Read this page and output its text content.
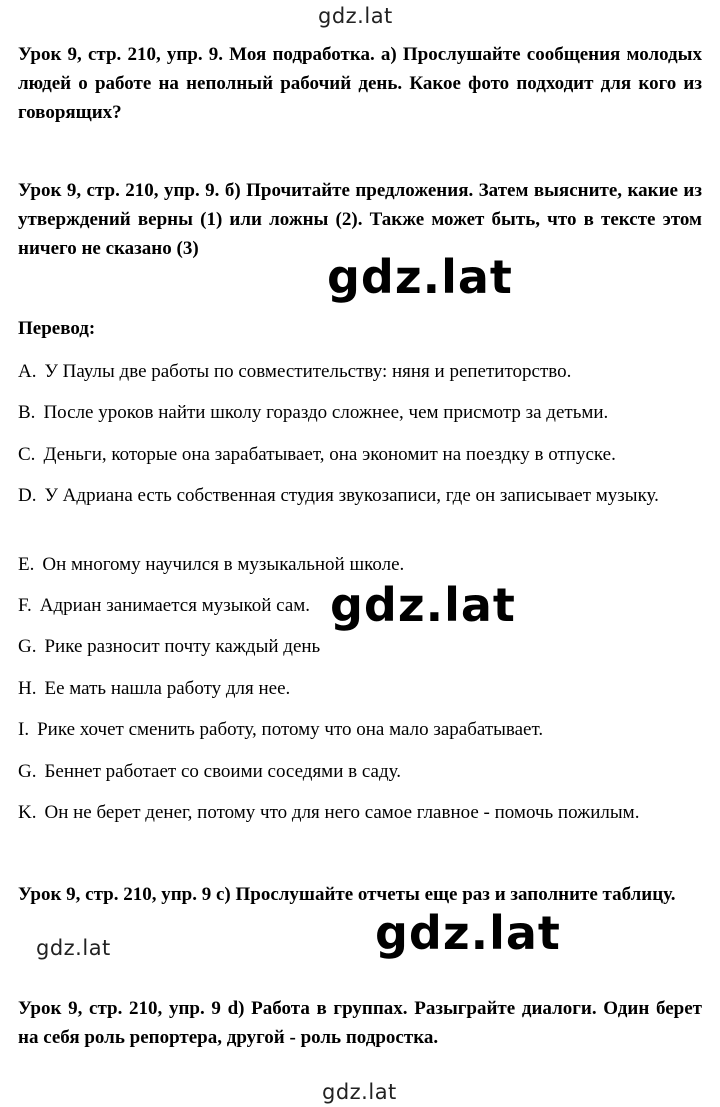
gdz.lat

Урок 9, стр. 210, упр. 9. Моя подработка. а) Прослушайте сообщения молодых людей о работе на неполный рабочий день. Какое фото подходит для кого из говорящих?

Урок 9, стр. 210, упр. 9. б) Прочитайте предложения. Затем выясните, какие из утверждений верны (1) или ложны (2). Также может быть, что в тексте этом ничего не сказано (3)

gdz.lat

Перевод:

A. У Паулы две работы по совместительству: няня и репетиторство.
B. После уроков найти школу гораздо сложнее, чем присмотр за детьми.
C. Деньги, которые она зарабатывает, она экономит на поездку в отпуске.
D. У Адриана есть собственная студия звукозаписи, где он записывает музыку.
E. Он многому научился в музыкальной школе.
gdz.lat
F. Адриан занимается музыкой сам.
G. Рике разносит почту каждый день
H. Ее мать нашла работу для нее.
I. Рике хочет сменить работу, потому что она мало зарабатывает.
G. Беннет работает со своими соседями в саду.
K. Он не берет денег, потому что для него самое главное - помочь пожилым.

Урок 9, стр. 210, упр. 9 с) Прослушайте отчеты еще раз и заполните таблицу.

gdz.lat	gdz.lat

Урок 9, стр. 210, упр. 9 d) Работа в группах. Разыграйте диалоги. Один берет на себя роль репортера, другой - роль подростка.

gdz.lat
